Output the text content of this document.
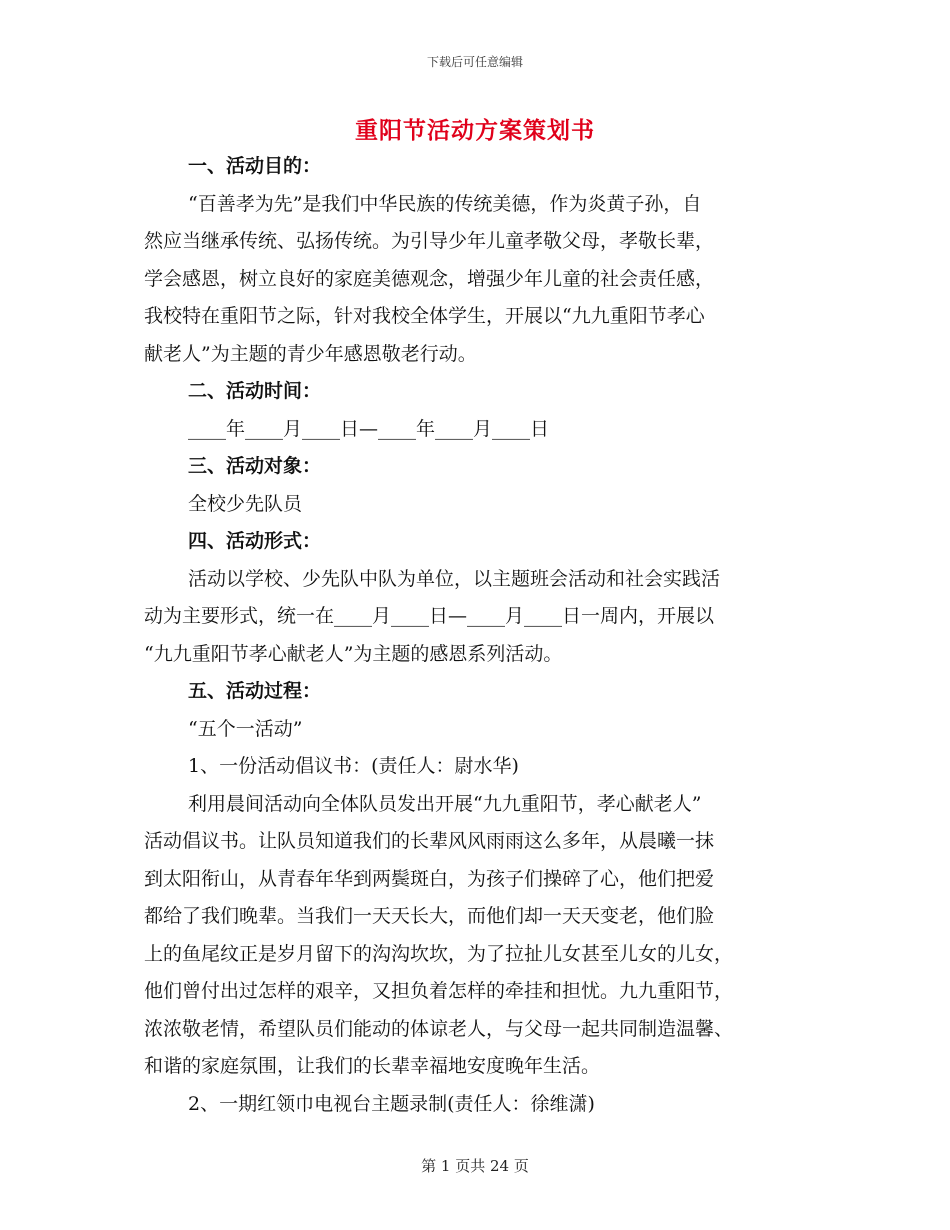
下载后可任意编辑
重阳节活动方案策划书
一、活动目的：
“百善孝为先”是我们中华民族的传统美德，作为炎黄子孙，自
然应当继承传统、弘扬传统。为引导少年儿童孝敬父母，孝敬长辈，
学会感恩，树立良好的家庭美德观念，增强少年儿童的社会责任感，
我校特在重阳节之际，针对我校全体学生，开展以“九九重阳节孝心
献老人”为主题的青少年感恩敬老行动。
二、活动时间：
____年____月____日—____年____月____日
三、活动对象：
全校少先队员
四、活动形式：
活动以学校、少先队中队为单位，以主题班会活动和社会实践活
动为主要形式，统一在____月____日—____月____日一周内，开展以
“九九重阳节孝心献老人”为主题的感恩系列活动。
五、活动过程：
“五个一活动”
1、一份活动倡议书：(责任人：尉水华)
利用晨间活动向全体队员发出开展“九九重阳节，孝心献老人”
活动倡议书。让队员知道我们的长辈风风雨雨这么多年，从晨曦一抹
到太阳衔山，从青春年华到两鬓斑白，为孩子们操碎了心，他们把爱
都给了我们晚辈。当我们一天天长大，而他们却一天天变老，他们脸
上的鱼尾纹正是岁月留下的沟沟坎坎，为了拉扯儿女甚至儿女的儿女，
他们曾付出过怎样的艰辛，又担负着怎样的牵挂和担忧。九九重阳节，
浓浓敬老情，希望队员们能动的体谅老人，与父母一起共同制造温馨、
和谐的家庭氛围，让我们的长辈幸福地安度晚年生活。
2、一期红领巾电视台主题录制(责任人：徐维潇)
第 1 页共 24 页
